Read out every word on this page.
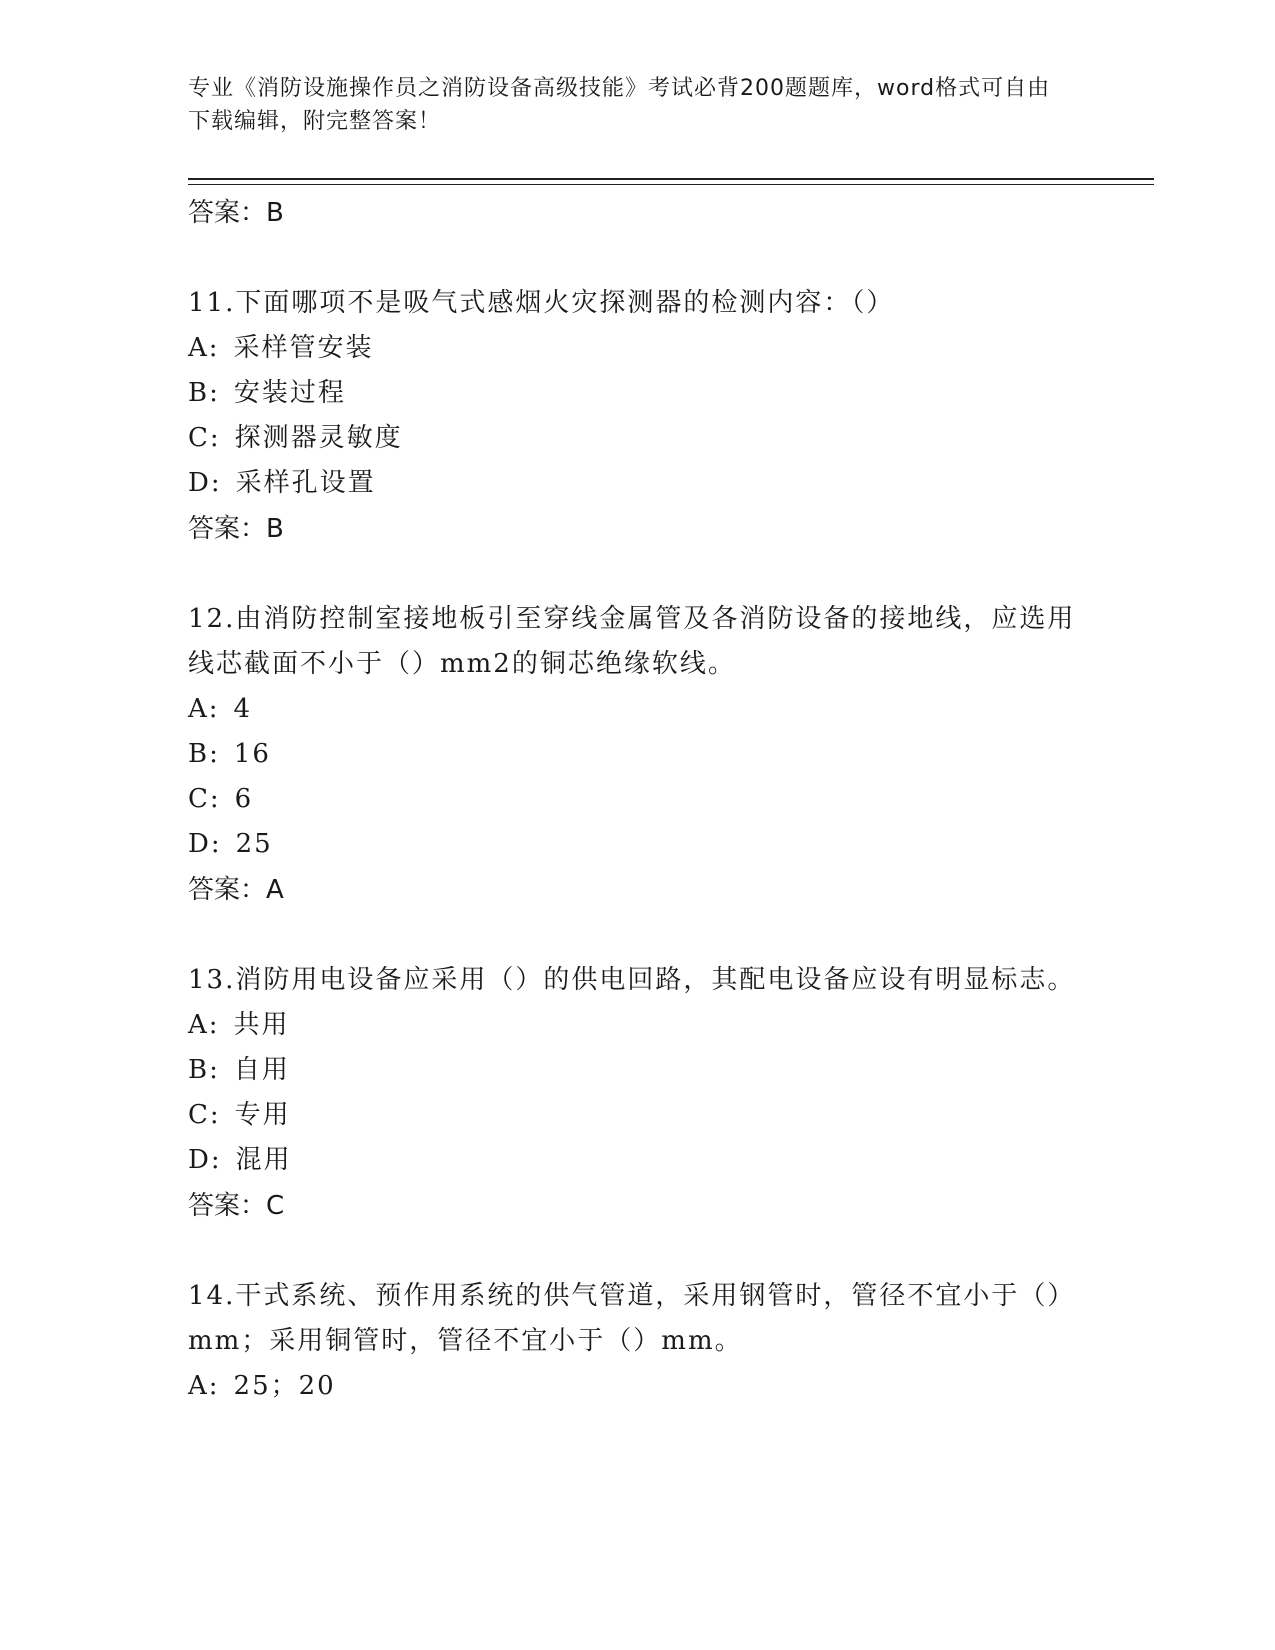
专业《消防设施操作员之消防设备高级技能》考试必背200题题库，word格式可自由下载编辑，附完整答案！
答案：B
11.下面哪项不是吸气式感烟火灾探测器的检测内容：（）
A: 采样管安装
B: 安装过程
C: 探测器灵敏度
D: 采样孔设置
答案：B
12.由消防控制室接地板引至穿线金属管及各消防设备的接地线，应选用线芯截面不小于（）mm2的铜芯绝缘软线。
A: 4
B: 16
C: 6
D: 25
答案：A
13.消防用电设备应采用（）的供电回路，其配电设备应设有明显标志。
A: 共用
B: 自用
C: 专用
D: 混用
答案：C
14.干式系统、预作用系统的供气管道，采用钢管时，管径不宜小于（）mm；采用铜管时，管径不宜小于（）mm。
A: 25；20
